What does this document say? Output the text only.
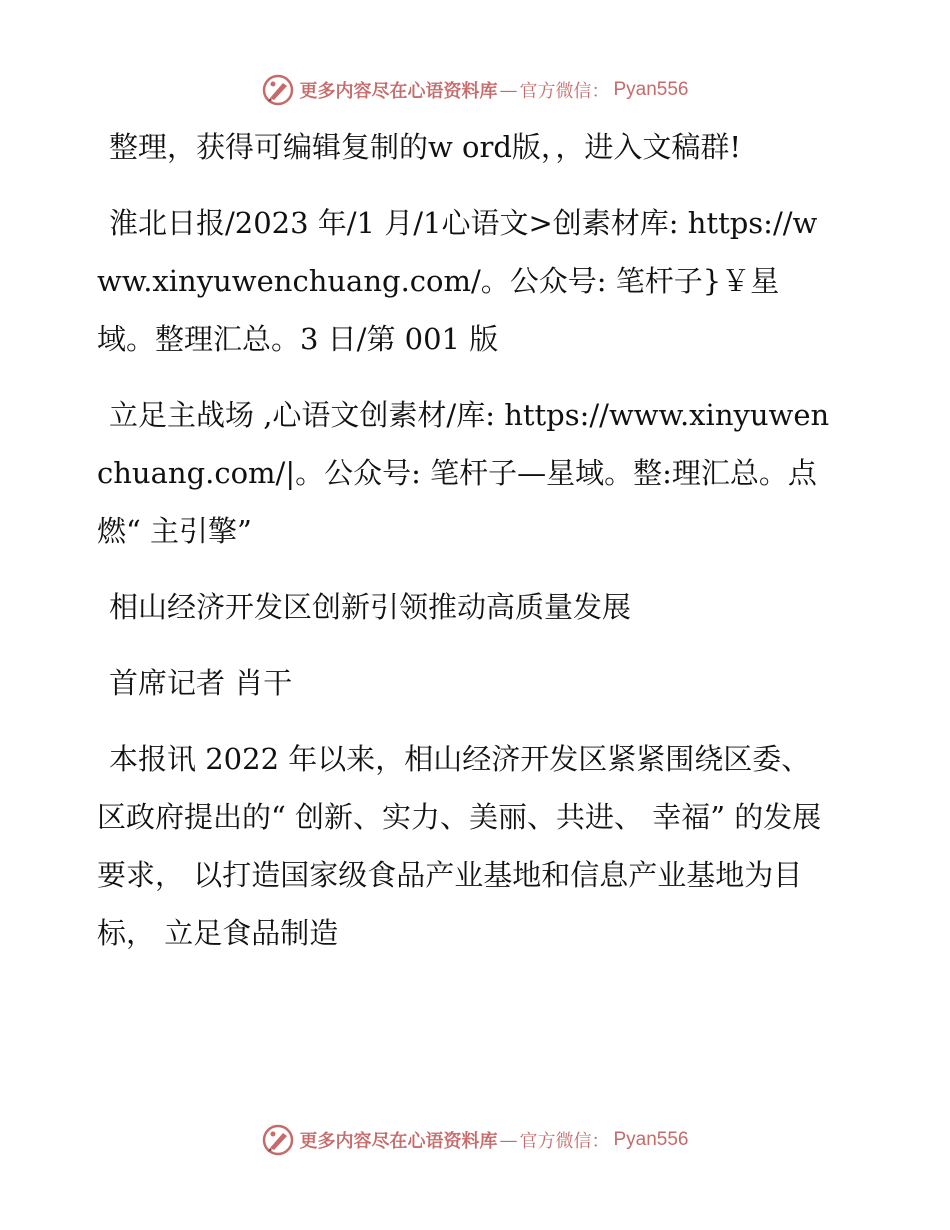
更多内容尽在心语资料库 — 官方微信： Pyan556

整理，获得可编辑复制的w ord版，，进入文稿群!

淮北日报/2023 年/1 月/1心语文>创素材库: https://www.xinyuwenchuang.com/。公众号: 笔杆子}￥星域。整理汇总。3 日/第 001 版

立足主战场 ,心语文创素材/库: https://www.xinyuwenchuang.com/|。公众号: 笔杆子—星域。整:理汇总。点燃“ 主引擎”

相山经济开发区创新引领推动高质量发展

首席记者 肖干

本报讯 2022 年以来，相山经济开发区紧紧围绕区委、区政府提出的“ 创新、实力、美丽、共进、 幸福” 的发展要求， 以打造国家级食品产业基地和信息产业基地为目标， 立足食品制造

更多内容尽在心语资料库 — 官方微信： Pyan556
